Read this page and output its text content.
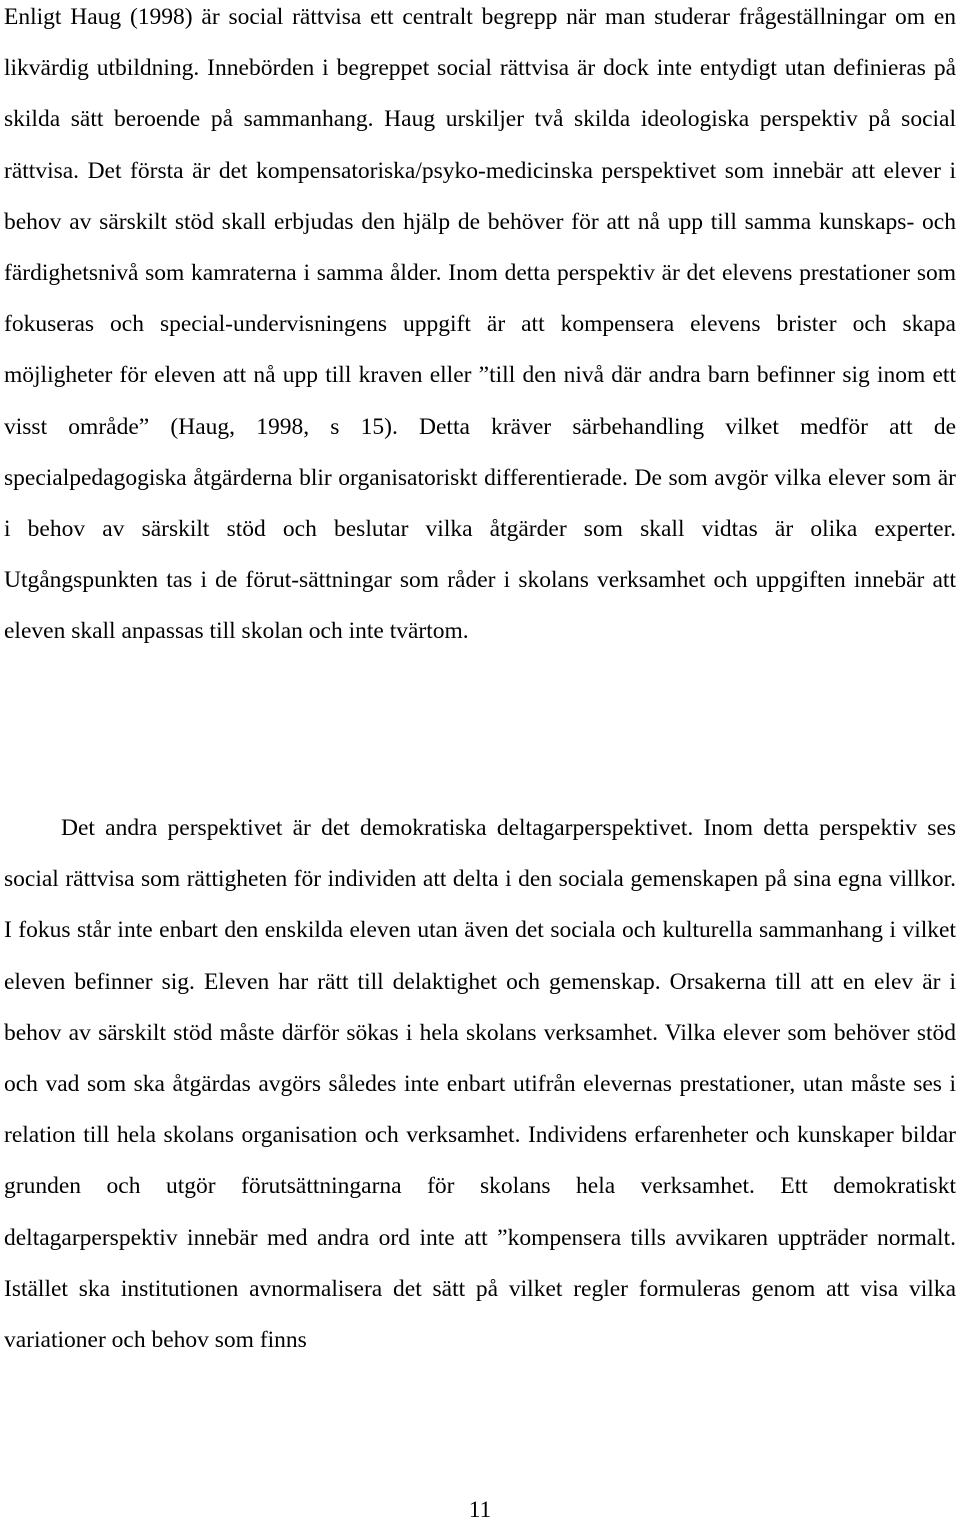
Enligt Haug (1998) är social rättvisa ett centralt begrepp när man studerar frågeställningar om en likvärdig utbildning. Innebörden i begreppet social rättvisa är dock inte entydigt utan definieras på skilda sätt beroende på sammanhang. Haug urskiljer två skilda ideologiska perspektiv på social rättvisa. Det första är det kompensatoriska/psyko-medicinska perspektivet som innebär att elever i behov av särskilt stöd skall erbjudas den hjälp de behöver för att nå upp till samma kunskaps- och färdighetsnivå som kamraterna i samma ålder. Inom detta perspektiv är det elevens prestationer som fokuseras och special-undervisningens uppgift är att kompensera elevens brister och skapa möjligheter för eleven att nå upp till kraven eller ”till den nivå där andra barn befinner sig inom ett visst område” (Haug, 1998, s 15). Detta kräver särbehandling vilket medför att de specialpedagogiska åtgärderna blir organisatoriskt differentierade. De som avgör vilka elever som är i behov av särskilt stöd och beslutar vilka åtgärder som skall vidtas är olika experter. Utgångspunkten tas i de förut-sättningar som råder i skolans verksamhet och uppgiften innebär att eleven skall anpassas till skolan och inte tvärtom.

Det andra perspektivet är det demokratiska deltagarperspektivet. Inom detta perspektiv ses social rättvisa som rättigheten för individen att delta i den sociala gemenskapen på sina egna villkor. I fokus står inte enbart den enskilda eleven utan även det sociala och kulturella sammanhang i vilket eleven befinner sig. Eleven har rätt till delaktighet och gemenskap. Orsakerna till att en elev är i behov av särskilt stöd måste därför sökas i hela skolans verksamhet. Vilka elever som behöver stöd och vad som ska åtgärdas avgörs således inte enbart utifrån elevernas prestationer, utan måste ses i relation till hela skolans organisation och verksamhet. Individens erfarenheter och kunskaper bildar grunden och utgör förutsättningarna för skolans hela verksamhet. Ett demokratiskt deltagarperspektiv innebär med andra ord inte att ”kompensera tills avvikaren uppträder normalt. Istället ska institutionen avnormalisera det sätt på vilket regler formuleras genom att visa vilka variationer och behov som finns

11
